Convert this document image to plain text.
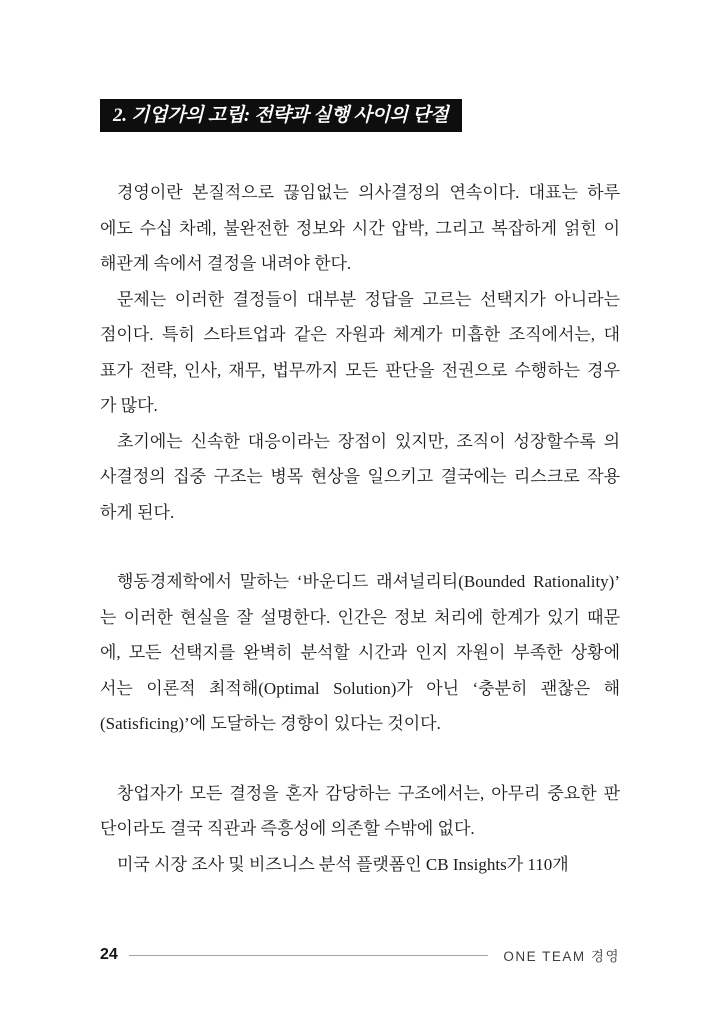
2. 기업가의 고립: 전략과 실행 사이의 단절
경영이란 본질적으로 끊임없는 의사결정의 연속이다. 대표는 하루
에도 수십 차례, 불완전한 정보와 시간 압박, 그리고 복잡하게 얽힌 이
해관계 속에서 결정을 내려야 한다.
문제는 이러한 결정들이 대부분 정답을 고르는 선택지가 아니라는
점이다. 특히 스타트업과 같은 자원과 체계가 미흡한 조직에서는, 대
표가 전략, 인사, 재무, 법무까지 모든 판단을 전권으로 수행하는 경우
가 많다.
초기에는 신속한 대응이라는 장점이 있지만, 조직이 성장할수록 의
사결정의 집중 구조는 병목 현상을 일으키고 결국에는 리스크로 작용
하게 된다.
행동경제학에서 말하는 ‘바운디드 래셔널리티(Bounded Rationality)’
는 이러한 현실을 잘 설명한다. 인간은 정보 처리에 한계가 있기 때문
에, 모든 선택지를 완벽히 분석할 시간과 인지 자원이 부족한 상황에
서는 이론적 최적해(Optimal Solution)가 아닌 ‘충분히 괜찮은 해
(Satisficing)’에 도달하는 경향이 있다는 것이다.
창업자가 모든 결정을 혼자 감당하는 구조에서는, 아무리 중요한 판
단이라도 결국 직관과 즉흥성에 의존할 수밖에 없다.
미국 시장 조사 및 비즈니스 분석 플랫폼인 CB Insights가 110개
24	ONE TEAM 경영
